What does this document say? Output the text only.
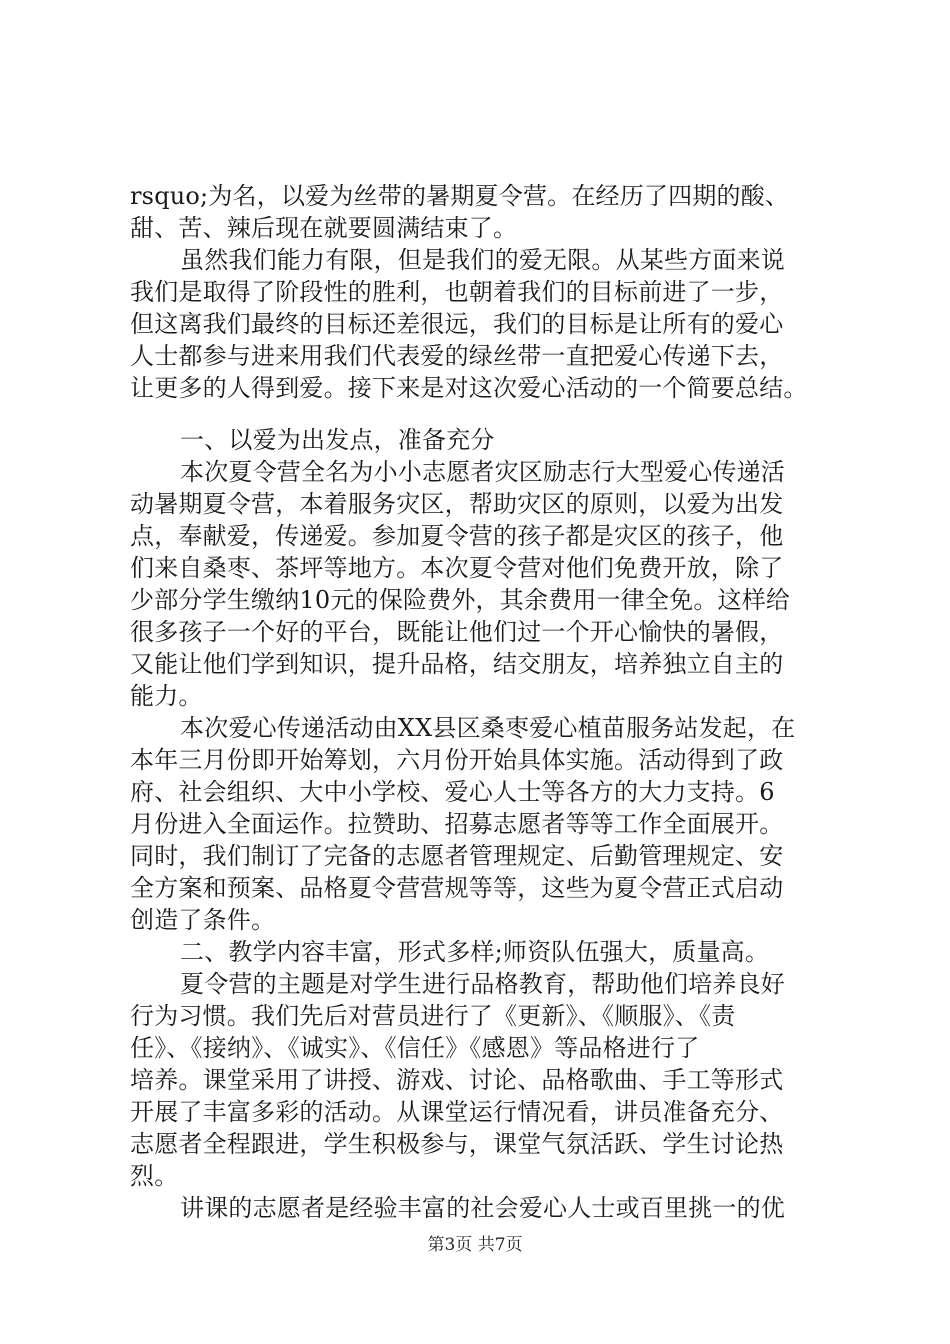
rsquo;为名，以爱为丝带的暑期夏令营。在经历了四期的酸、
甜、苦、辣后现在就要圆满结束了。
虽然我们能力有限，但是我们的爱无限。从某些方面来说
我们是取得了阶段性的胜利，也朝着我们的目标前进了一步，
但这离我们最终的目标还差很远，我们的目标是让所有的爱心
人士都参与进来用我们代表爱的绿丝带一直把爱心传递下去，
让更多的人得到爱。接下来是对这次爱心活动的一个简要总结。
一、以爱为出发点，准备充分
本次夏令营全名为小小志愿者灾区励志行大型爱心传递活
动暑期夏令营，本着服务灾区，帮助灾区的原则，以爱为出发
点，奉献爱，传递爱。参加夏令营的孩子都是灾区的孩子，他
们来自桑枣、茶坪等地方。本次夏令营对他们免费开放，除了
少部分学生缴纳10元的保险费外，其余费用一律全免。这样给
很多孩子一个好的平台，既能让他们过一个开心愉快的暑假，
又能让他们学到知识，提升品格，结交朋友，培养独立自主的
能力。
本次爱心传递活动由XX县区桑枣爱心植苗服务站发起，在
本年三月份即开始筹划，六月份开始具体实施。活动得到了政
府、社会组织、大中小学校、爱心人士等各方的大力支持。6
月份进入全面运作。拉赞助、招募志愿者等等工作全面展开。
同时，我们制订了完备的志愿者管理规定、后勤管理规定、安
全方案和预案、品格夏令营营规等等，这些为夏令营正式启动
创造了条件。
二、教学内容丰富，形式多样;师资队伍强大，质量高。
夏令营的主题是对学生进行品格教育，帮助他们培养良好
行为习惯。我们先后对营员进行了《更新》、《顺服》、《责
任》、《接纳》、《诚实》、《信任》《感恩》等品格进行了
培养。课堂采用了讲授、游戏、讨论、品格歌曲、手工等形式
开展了丰富多彩的活动。从课堂运行情况看，讲员准备充分、
志愿者全程跟进，学生积极参与，课堂气氛活跃、学生讨论热
烈。
讲课的志愿者是经验丰富的社会爱心人士或百里挑一的优
第3页 共7页
